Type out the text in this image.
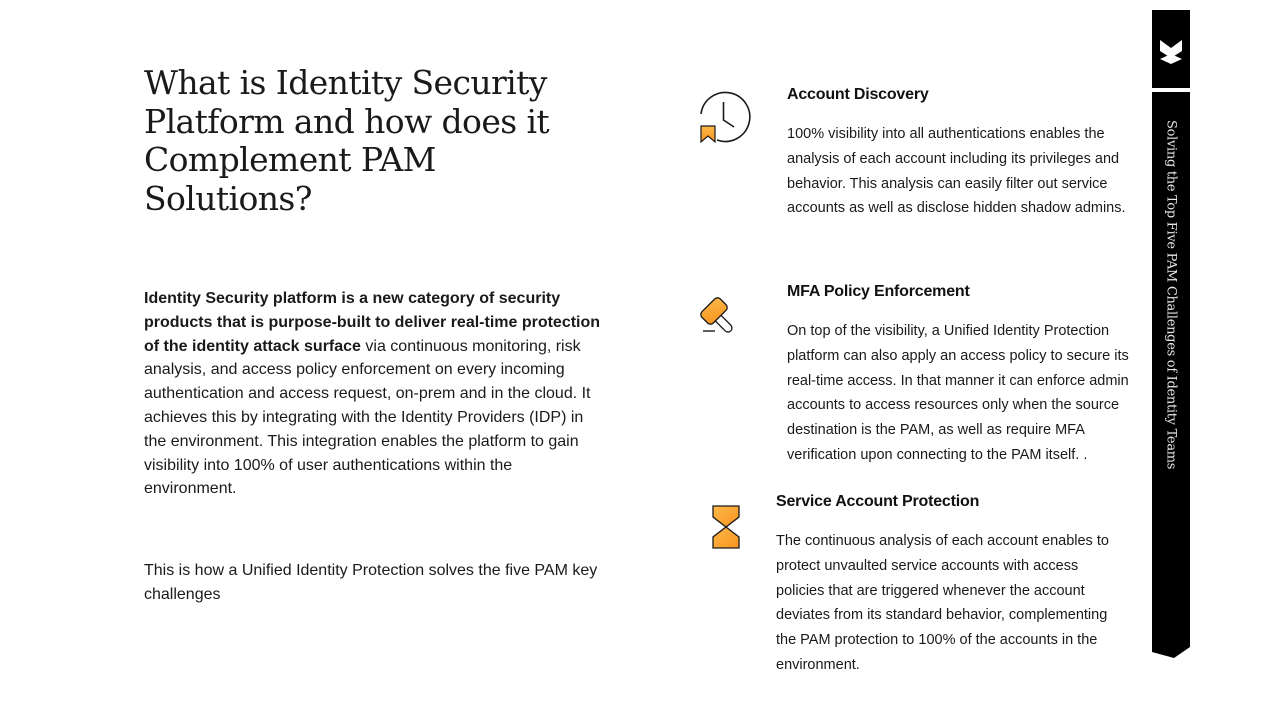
What is Identity Security Platform and how does it Complement PAM Solutions?

Identity Security platform is a new category of security products that is purpose-built to deliver real-time protection of the identity attack surface via continuous monitoring, risk analysis, and access policy enforcement on every incoming authentication and access request, on-prem and in the cloud. It achieves this by integrating with the Identity Providers (IDP) in the environment. This integration enables the platform to gain visibility into 100% of user authentications within the environment.

This is how a Unified Identity Protection solves the five PAM key challenges

Account Discovery

100% visibility into all authentications enables the analysis of each account including its privileges and behavior. This analysis can easily filter out service accounts as well as disclose hidden shadow admins.

MFA Policy Enforcement

On top of the visibility, a Unified Identity Protection platform can also apply an access policy to secure its real-time access. In that manner it can enforce admin accounts to access resources only when the source destination is the PAM, as well as require MFA verification upon connecting to the PAM itself. .

Service Account Protection

The continuous analysis of each account enables to protect unvaulted service accounts with access policies that are triggered whenever the account deviates from its standard behavior, complementing the PAM protection to 100% of the accounts in the environment.

Solving the Top Five PAM Challenges of Identity Teams
